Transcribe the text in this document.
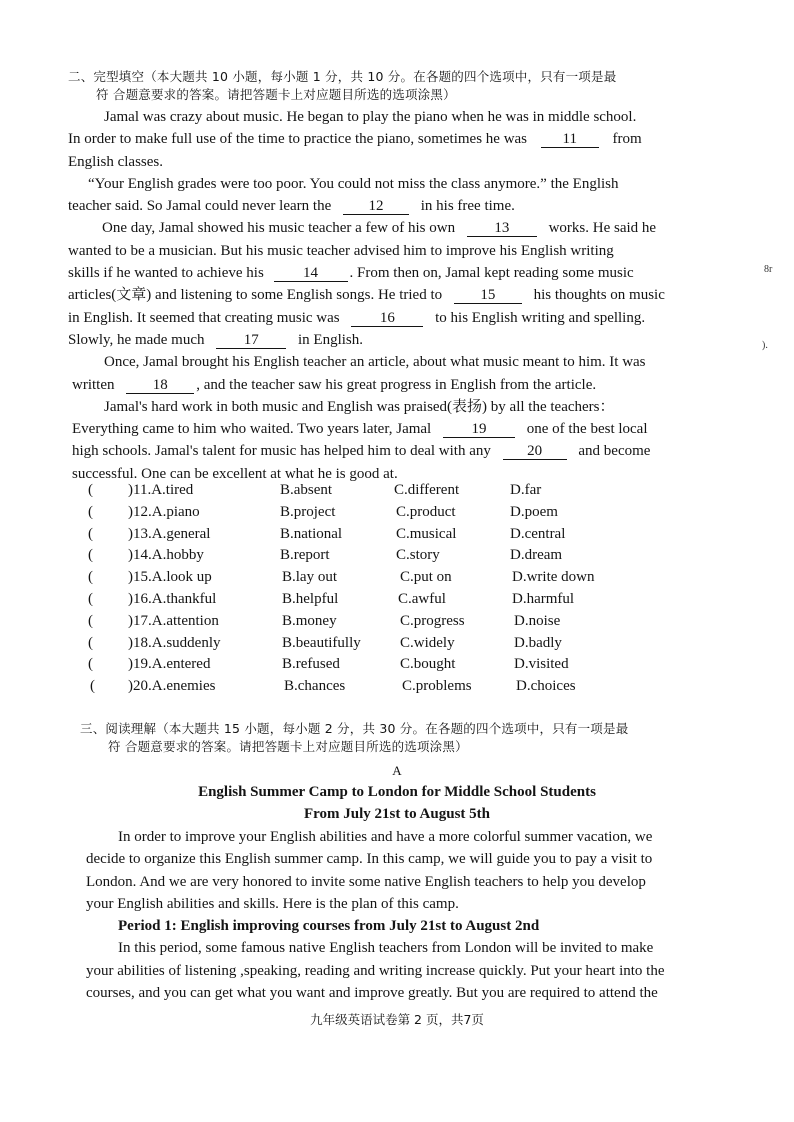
二、完型填空（本大题共 10 小题，每小题 1 分，共 10 分。在各题的四个选项中，只有一项是最
符 合题意要求的答案。请把答题卡上对应题目所选的选项涂黑）
Jamal was crazy about music. He began to play the piano when he was in middle school.
In order to make full use of the time to practice the piano, sometimes he was 11 from
English classes.
“Your English grades were too poor. You could not miss the class anymore.” the English
teacher said. So Jamal could never learn the 12 in his free time.
One day, Jamal showed his music teacher a few of his own	13	works. He said he
wanted to be a musician. But his music teacher advised him to improve his English writing
skills if he wanted to achieve his	14 . From then on, Jamal kept reading some music
articles(文章) and listening to some English songs. He tried to	15	his thoughts on music
in English. It seemed that creating music was	16	to his English writing and spelling.
Slowly, he made much	17	in English.
Once, Jamal brought his English teacher an article, about what music meant to him. It was
written	18 , and the teacher saw his great progress in English from the article.
Jamal's hard work in both music and English was praised(表扬) by all the teachers：
Everything came to him who waited. Two years later, Jamal	19	one of the best local
high schools. Jamal's talent for music has helped him to deal with any 20 and become
successful. One can be excellent at what he is good at.
( )11.A.tired	B.absent	C.different	D.far
( )12.A.piano	B.project	C.product	D.poem
( )13.A.general	B.national	C.musical	D.central
( )14.A.hobby	B.report	C.story	D.dream
( )15.A.look up	B.lay out	C.put on	D.write down
( )16.A.thankful	B.helpful	C.awful	D.harmful
( )17.A.attention	B.money	C.progress	D.noise
( )18.A.suddenly	B.beautifully	C.widely	D.badly
( )19.A.entered	B.refused	C.bought	D.visited
( )20.A.enemies	B.chances	C.problems	D.choices
三、阅读理解（本大题共 15 小题，每小题 2 分，共 30 分。在各题的四个选项中，只有一项是最
符 合题意要求的答案。请把答题卡上对应题目所选的选项涂黑）
A
English Summer Camp to London for Middle School Students
From July 21st to August 5th
In order to improve your English abilities and have a more colorful summer vacation, we
decide to organize this English summer camp. In this camp, we will guide you to pay a visit to
London. And we are very honored to invite some native English teachers to help you develop
your English abilities and skills. Here is the plan of this camp.
Period 1: English improving courses from July 21st to August 2nd
In this period, some famous native English teachers from London will be invited to make
your abilities of listening ,speaking, reading and writing increase quickly. Put your heart into the
courses, and you can get what you want and improve greatly. But you are required to attend the
九年级英语试卷第 2 页，共7页
8r
).
